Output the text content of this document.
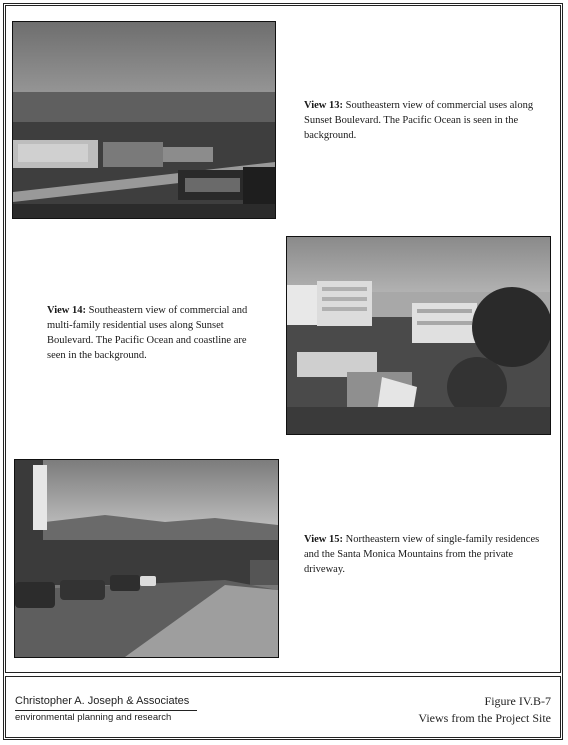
View 13: Southeastern view of commercial uses along Sunset Boulevard. The Pacific Ocean is seen in the background.
View 14: Southeastern view of commercial and multi-family residential uses along Sunset Boulevard. The Pacific Ocean and coastline are seen in the background.
View 15: Northeastern view of single-family residences and the Santa Monica Mountains from the private driveway.
Christopher A. Joseph & Associates
environmental planning and research
Figure IV.B-7
Views from the Project Site
